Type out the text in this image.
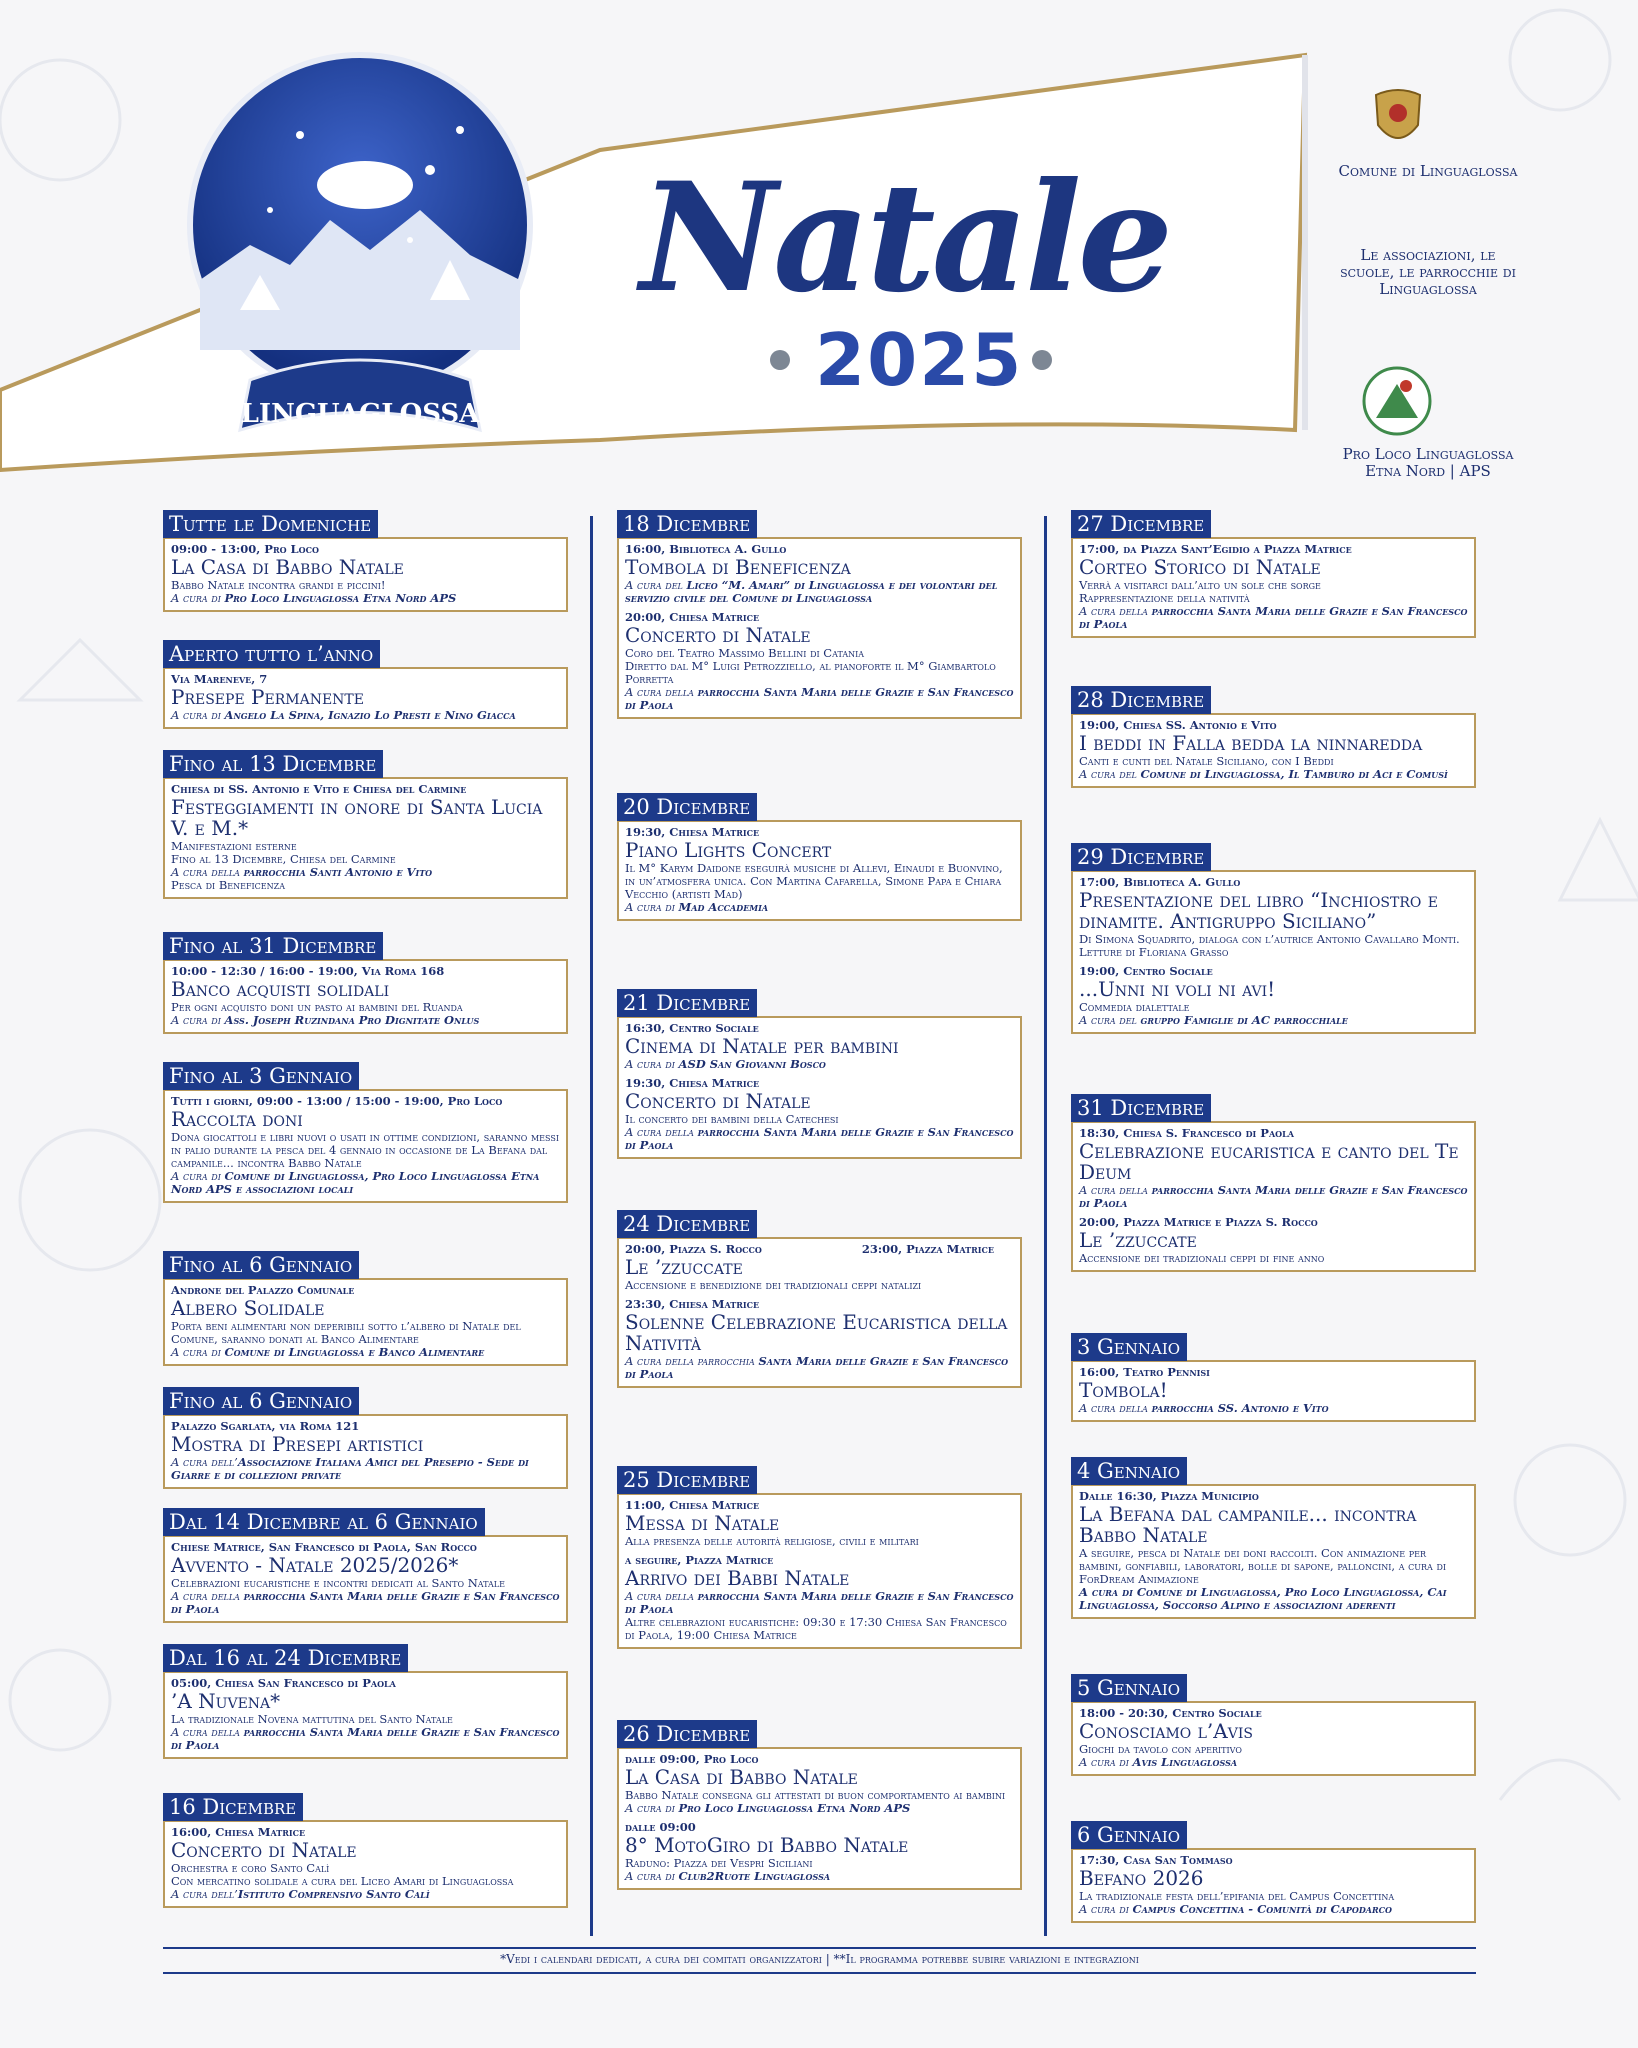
LINGUAGLOSSA
Natale
2025
Comune di Linguaglossa
Le associazioni, le scuole, le parrocchie di Linguaglossa
Pro Loco Linguaglossa Etna Nord | APS
Tutte le Domeniche
09:00 - 13:00, Pro Loco
La Casa di Babbo Natale
Babbo Natale incontra grandi e piccini!
A cura di Pro Loco Linguaglossa Etna Nord APS
Aperto tutto l’anno
Via Mareneve, 7
Presepe Permanente
A cura di Angelo La Spina, Ignazio Lo Presti e Nino Giacca
Fino al 13 Dicembre
Chiesa di SS. Antonio e Vito e Chiesa del Carmine
Festeggiamenti in onore di Santa Lucia V. e M.*
Manifestazioni esterne
Fino al 13 Dicembre, Chiesa del Carmine
A cura della parrocchia Santi Antonio e Vito
Pesca di Beneficenza
Fino al 31 Dicembre
10:00 - 12:30 / 16:00 - 19:00, Via Roma 168
Banco acquisti solidali
Per ogni acquisto doni un pasto ai bambini del Ruanda
A cura di Ass. Joseph Ruzindana Pro Dignitate Onlus
Fino al 3 Gennaio
Tutti i giorni, 09:00 - 13:00 / 15:00 - 19:00, Pro Loco
Raccolta doni
Dona giocattoli e libri nuovi o usati in ottime condizioni, saranno messi in palio durante la pesca del 4 gennaio in occasione de La Befana dal campanile... incontra Babbo Natale
A cura di Comune di Linguaglossa, Pro Loco Linguaglossa Etna Nord APS e associazioni locali
Fino al 6 Gennaio
Androne del Palazzo Comunale
Albero Solidale
Porta beni alimentari non deperibili sotto l’albero di Natale del Comune, saranno donati al Banco Alimentare
A cura di Comune di Linguaglossa e Banco Alimentare
Fino al 6 Gennaio
Palazzo Sgarlata, via Roma 121
Mostra di Presepi artistici
A cura dell’Associazione Italiana Amici del Presepio - Sede di Giarre e di collezioni private
Dal 14 Dicembre al 6 Gennaio
Chiese Matrice, San Francesco di Paola, San Rocco
Avvento - Natale 2025/2026*
Celebrazioni eucaristiche e incontri dedicati al Santo Natale
A cura della parrocchia Santa Maria delle Grazie e San Francesco di Paola
Dal 16 al 24 Dicembre
05:00, Chiesa San Francesco di Paola
’A Nuvena*
La tradizionale Novena mattutina del Santo Natale
A cura della parrocchia Santa Maria delle Grazie e San Francesco di Paola
16 Dicembre
16:00, Chiesa Matrice
Concerto di Natale
Orchestra e coro Santo Calì
Con mercatino solidale a cura del Liceo Amari di Linguaglossa
A cura dell’Istituto Comprensivo Santo Calì
18 Dicembre
16:00, Biblioteca A. Gullo
Tombola di Beneficenza
A cura del Liceo “M. Amari” di Linguaglossa e dei volontari del servizio civile del Comune di Linguaglossa
20:00, Chiesa Matrice
Concerto di Natale
Coro del Teatro Massimo Bellini di Catania
Diretto dal M° Luigi Petrozziello, al pianoforte il M° Giambartolo Porretta
A cura della parrocchia Santa Maria delle Grazie e San Francesco di Paola
20 Dicembre
19:30, Chiesa Matrice
Piano Lights Concert
Il M° Karym Daidone eseguirà musiche di Allevi, Einaudi e Buonvino, in un’atmosfera unica. Con Martina Cafarella, Simone Papa e Chiara Vecchio (artisti Mad)
A cura di Mad Accademia
21 Dicembre
16:30, Centro Sociale
Cinema di Natale per bambini
A cura di ASD San Giovanni Bosco
19:30, Chiesa Matrice
Concerto di Natale
Il concerto dei bambini della Catechesi
A cura della parrocchia Santa Maria delle Grazie e San Francesco di Paola
24 Dicembre
20:00, Piazza S. Rocco	23:00, Piazza Matrice
Le ’zzuccate
Accensione e benedizione dei tradizionali ceppi natalizi
23:30, Chiesa Matrice
Solenne Celebrazione Eucaristica della Natività
A cura della parrocchia Santa Maria delle Grazie e San Francesco di Paola
25 Dicembre
11:00, Chiesa Matrice
Messa di Natale
Alla presenza delle autorità religiose, civili e militari
a seguire, Piazza Matrice
Arrivo dei Babbi Natale
A cura della parrocchia Santa Maria delle Grazie e San Francesco di Paola
Altre celebrazioni eucaristiche: 09:30 e 17:30 Chiesa San Francesco di Paola, 19:00 Chiesa Matrice
26 Dicembre
dalle 09:00, Pro Loco
La Casa di Babbo Natale
Babbo Natale consegna gli attestati di buon comportamento ai bambini
A cura di Pro Loco Linguaglossa Etna Nord APS
dalle 09:00
8° MotoGiro di Babbo Natale
Raduno: Piazza dei Vespri Siciliani
A cura di Club2Ruote Linguaglossa
27 Dicembre
17:00, da Piazza Sant’Egidio a Piazza Matrice
Corteo Storico di Natale
Verrà a visitarci dall’alto un sole che sorge
Rappresentazione della natività
A cura della parrocchia Santa Maria delle Grazie e San Francesco di Paola
28 Dicembre
19:00, Chiesa SS. Antonio e Vito
I beddi in Falla bedda la ninnaredda
Canti e cunti del Natale Siciliano, con I Beddi
A cura del Comune di Linguaglossa, Il Tamburo di Aci e Comusì
29 Dicembre
17:00, Biblioteca A. Gullo
Presentazione del libro “Inchiostro e dinamite. Antigruppo Siciliano”
Di Simona Squadrito, dialoga con l’autrice Antonio Cavallaro Monti. Letture di Floriana Grasso
19:00, Centro Sociale
...Unni ni voli ni avi!
Commedia dialettale
A cura del gruppo Famiglie di AC parrocchiale
31 Dicembre
18:30, Chiesa S. Francesco di Paola
Celebrazione eucaristica e canto del Te Deum
A cura della parrocchia Santa Maria delle Grazie e San Francesco di Paola
20:00, Piazza Matrice e Piazza S. Rocco
Le ’zzuccate
Accensione dei tradizionali ceppi di fine anno
3 Gennaio
16:00, Teatro Pennisi
Tombola!
A cura della parrocchia SS. Antonio e Vito
4 Gennaio
Dalle 16:30, Piazza Municipio
La Befana dal campanile... incontra Babbo Natale
A seguire, pesca di Natale dei doni raccolti. Con animazione per bambini, gonfiabili, laboratori, bolle di sapone, palloncini, a cura di ForDream Animazione
A cura di Comune di Linguaglossa, Pro Loco Linguaglossa, Cai Linguaglossa, Soccorso Alpino e associazioni aderenti
5 Gennaio
18:00 - 20:30, Centro Sociale
Conosciamo l’Avis
Giochi da tavolo con aperitivo
A cura di Avis Linguaglossa
6 Gennaio
17:30, Casa San Tommaso
Befano 2026
La tradizionale festa dell’epifania del Campus Concettina
A cura di Campus Concettina - Comunità di Capodarco
*Vedi i calendari dedicati, a cura dei comitati organizzatori | **Il programma potrebbe subire variazioni e integrazioni
